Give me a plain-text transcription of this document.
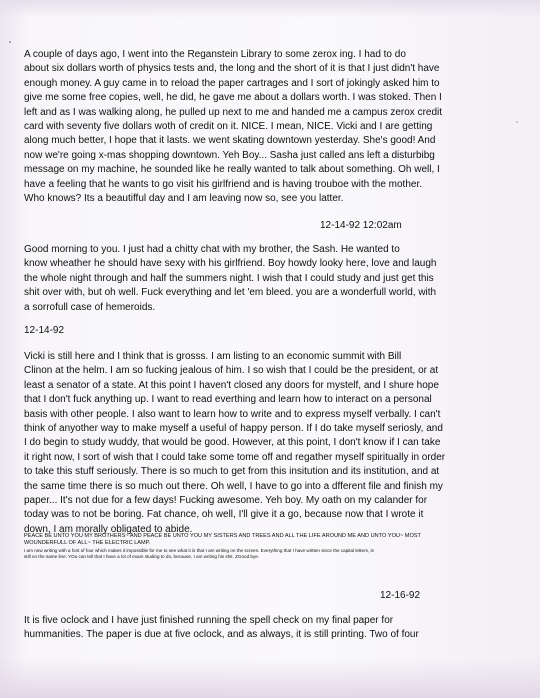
A couple of days ago, I went into the Reganstein Library to some zerox ing. I had to do
about six dollars worth of physics tests and, the long and the short of it is that I just didn't have
enough money. A guy came in to reload the paper cartrages and I sort of jokingly asked him to
give me some free copies, well, he did, he gave me about a dollars worth. I was stoked. Then I
left and as I was walking along, he pulled up next to me and handed me a campus zerox credit
card with seventy five dollars woth of credit on it. NICE. I mean, NICE. Vicki and I are getting
along much better, I hope that it lasts. we went skating downtown yesterday. She's good! And
now we're going x-mas shopping downtown. Yeh Boy... Sasha just called ans left a disturbibg
message on my machine, he sounded like he really wanted to talk about something. Oh well, I
have a feeling that he wants to go visit his girlfriend and is having trouboe with the mother.
Who knows? Its a beautifful day and I am leaving now so, see you latter.
12-14-92 12:02am
Good morning to you. I just had a chitty chat with my brother, the Sash. He wanted to
know wheather he should have sexy with his girlfriend. Boy howdy looky here, love and laugh
the whole night through and half the summers night. I wish that I could study and just get this
shit over with, but oh well. Fuck everything and let 'em bleed. you are a wonderfull world, with
a sorrofull case of hemeroids.
12-14-92
Vicki is still here and I think that is grosss. I am listing to an economic summit with Bill
Clinon at the helm. I am so fucking jealous of him. I so wish that I could be the president, or at
least a senator of a state. At this point I haven't closed any doors for mystelf, and I shure hope
that I don't fuck anything up. I want to read everthing and learn how to interact on a personal
basis with other people. I also want to learn how to write and to express myself verbally. I can't
think of anyother way to make myself a useful of happy person. If I do take myself seriosly, and
I do begin to study wuddy, that would be good. However, at this point, I don't know if I can take
it right now, I sort of wish that I could take some tome off and regather myself spiritually in order
to take this stuff seriously. There is so much to get from this insitution and its institution, and at
the same time there is so much out there. Oh well, I have to go into a dfferent file and finish my
paper... It's not due for a few days! Fucking awesome. Yeh boy. My oath on my calander for
today was to not be boring. Fat chance, oh well, I'll give it a go, because now that I wrote it
down, I am morally obligated to abide.
PEACE BE UNTO YOU MY BROTHERS~ AND PEACE BE UNTO YOU MY SISTERS AND TREES AND ALL THE LIFE AROUND ME AND UNTO YOU~ MOST
WOUNDERFULL OF ALL~ THE ELECTRIC LAMP.
I am now writing with a font of four which makes it impossible for me to see what it is that I am writing on the screen. Everything that I have written since the capital letters, is
still on the same line. YOu can tell that I have a lot of exam studing to do, because, I am writing his shit. ZGood bye.
12-16-92
It is five oclock and I have just finished running the spell check on my final paper for
hummanities. The paper is due at five oclock, and as always, it is still printing. Two of four
